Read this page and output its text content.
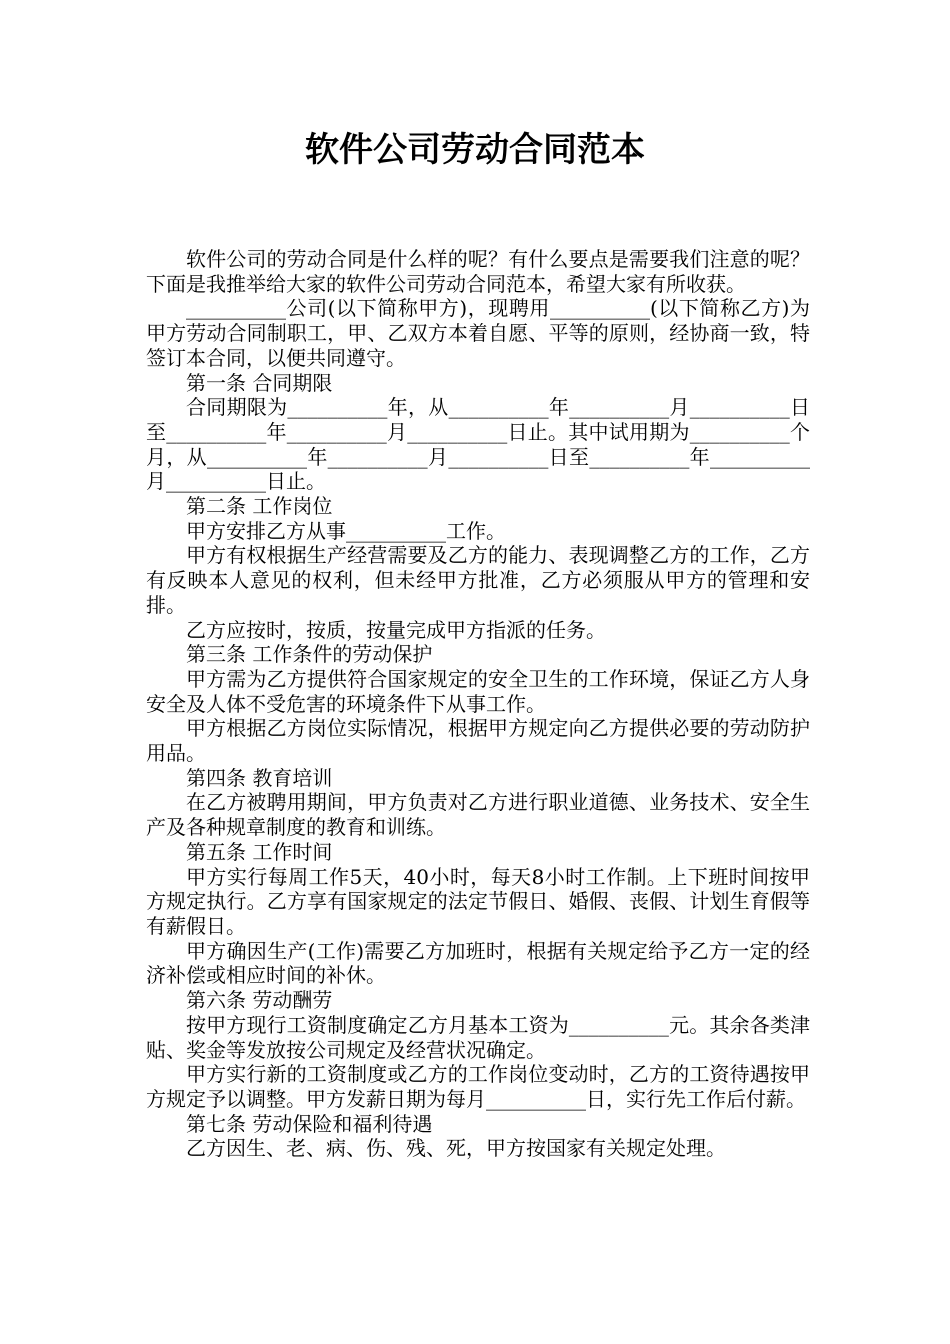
软件公司劳动合同范本

软件公司的劳动合同是什么样的呢？有什么要点是需要我们注意的呢？下面是我推举给大家的软件公司劳动合同范本，希望大家有所收获。

__________公司(以下简称甲方)，现聘用__________(以下简称乙方)为甲方劳动合同制职工，甲、乙双方本着自愿、平等的原则，经协商一致，特签订本合同，以便共同遵守。

第一条 合同期限

合同期限为__________年，从__________年__________月__________日至__________年__________月__________日止。其中试用期为__________个月，从__________年__________月__________日至__________年__________月__________日止。

第二条 工作岗位

甲方安排乙方从事__________工作。

甲方有权根据生产经营需要及乙方的能力、表现调整乙方的工作，乙方有反映本人意见的权利，但未经甲方批准，乙方必须服从甲方的管理和安排。

乙方应按时，按质，按量完成甲方指派的任务。

第三条 工作条件的劳动保护

甲方需为乙方提供符合国家规定的安全卫生的工作环境，保证乙方人身安全及人体不受危害的环境条件下从事工作。

甲方根据乙方岗位实际情况，根据甲方规定向乙方提供必要的劳动防护用品。

第四条 教育培训

在乙方被聘用期间，甲方负责对乙方进行职业道德、业务技术、安全生产及各种规章制度的教育和训练。

第五条 工作时间

甲方实行每周工作5天，40小时，每天8小时工作制。上下班时间按甲方规定执行。乙方享有国家规定的法定节假日、婚假、丧假、计划生育假等有薪假日。

甲方确因生产(工作)需要乙方加班时，根据有关规定给予乙方一定的经济补偿或相应时间的补休。

第六条 劳动酬劳

按甲方现行工资制度确定乙方月基本工资为__________元。其余各类津贴、奖金等发放按公司规定及经营状况确定。

甲方实行新的工资制度或乙方的工作岗位变动时，乙方的工资待遇按甲方规定予以调整。甲方发薪日期为每月__________日，实行先工作后付薪。

第七条 劳动保险和福利待遇

乙方因生、老、病、伤、残、死，甲方按国家有关规定处理。
